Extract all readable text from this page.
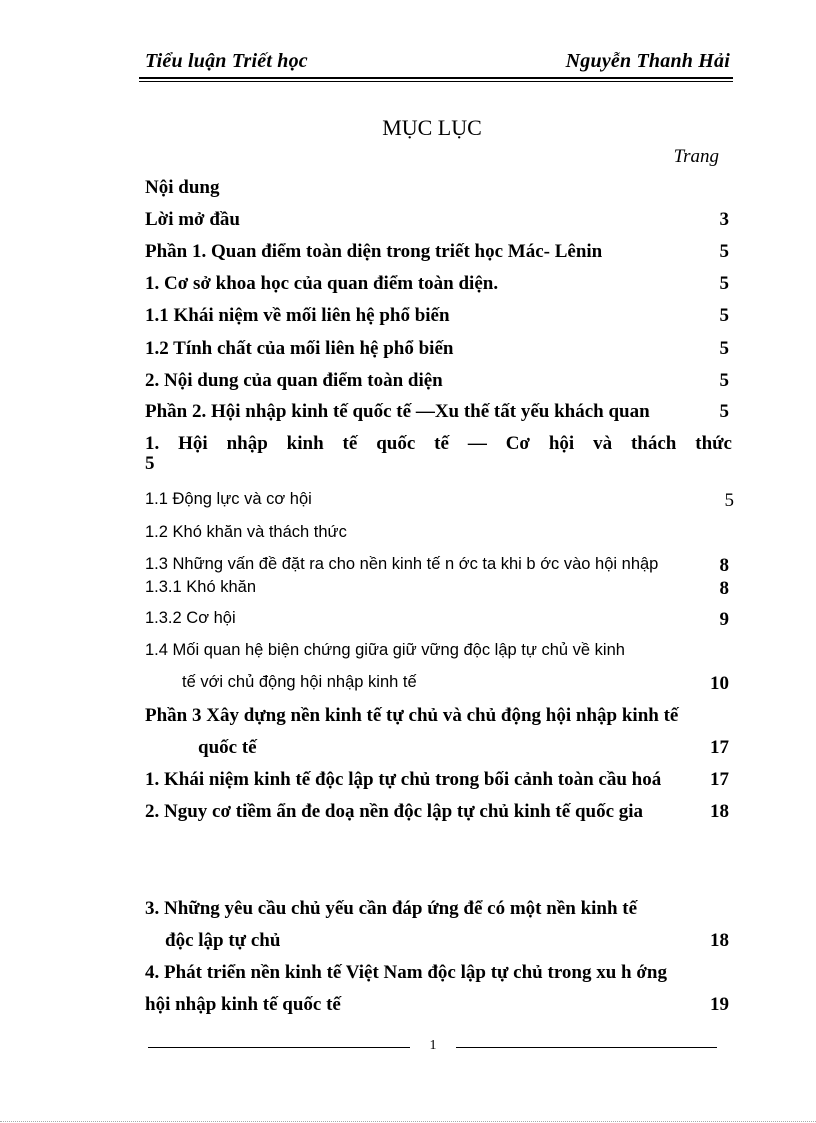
Tiểu luận Triết học	Nguyễn Thanh Hải
MỤC LỤC
Trang
Nội dung
Lời mở đầu	3
Phần 1. Quan điểm toàn diện trong triết học Mác- Lênin	5
1. Cơ sở khoa học của quan điểm toàn diện.	5
1.1 Khái niệm về mối liên hệ phổ biến	5
1.2 Tính chất của mối liên hệ phổ biến	5
2. Nội dung của quan điểm toàn diện	5
Phần 2. Hội nhập kinh tế quốc tế —Xu thế tất yếu khách quan	5
1. Hội nhập kinh tế quốc tế — Cơ hội và thách thức
5
1.1 Động lực và cơ hội	5
1.2 Khó khăn và thách thức
1.3 Những vấn đề đặt ra cho nền kinh tế n ớc ta khi b ớc vào hội nhập	8
1.3.1 Khó khăn	8
1.3.2 Cơ hội	9
1.4 Mối quan hệ biện chứng giữa giữ vững độc lập tự chủ về kinh
tế với chủ động hội nhập kinh tế	10
Phần 3 Xây dựng nền kinh tế tự chủ và chủ động hội nhập kinh tế
quốc tế	17
1. Khái niệm kinh tế độc lập tự chủ trong bối cảnh toàn cầu hoá	17
2. Nguy cơ tiềm ẩn đe doạ nền độc lập tự chủ kinh tế quốc gia	18
3. Những yêu cầu chủ yếu cần đáp ứng để có một nền kinh tế
độc lập tự chủ	18
4. Phát triển nền kinh tế Việt Nam độc lập tự chủ trong xu h ớng
hội nhập kinh tế quốc tế	19
1
